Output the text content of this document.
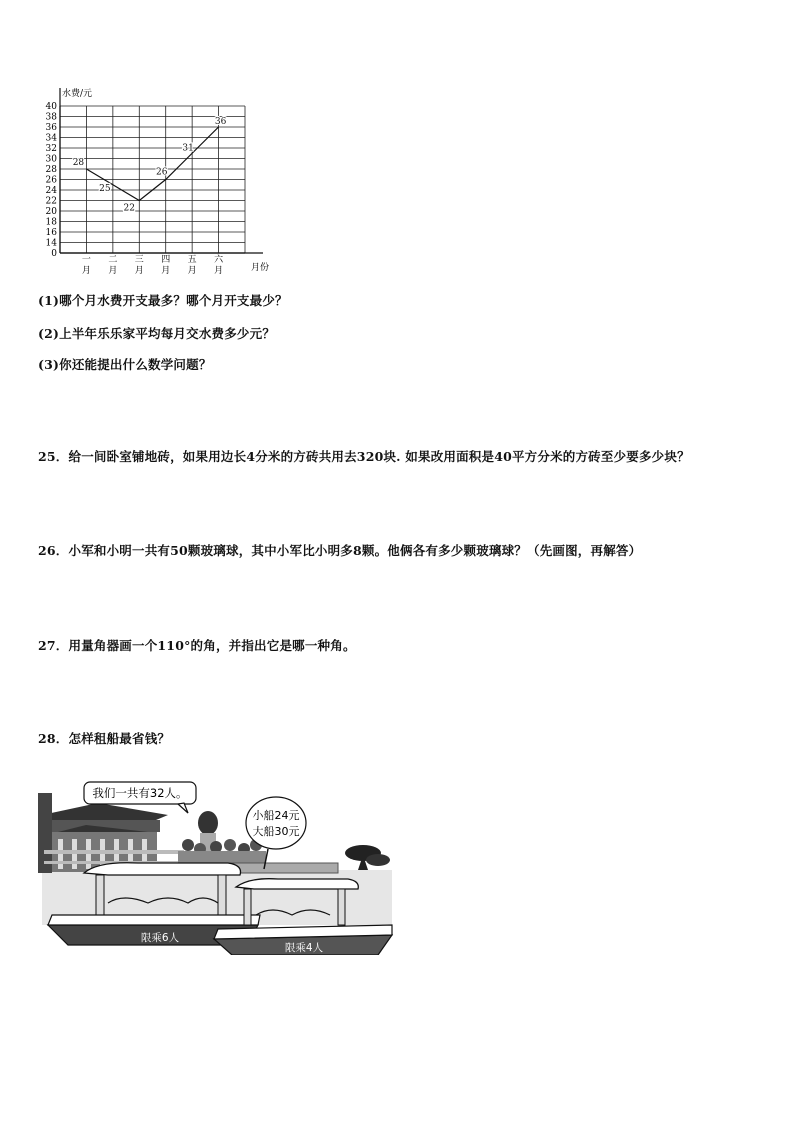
0
14
16
18
20
22
24
26
28
30
32
34
36
38
40
水费/元
月份
28
25
22
26
31
36
一
月
二
月
三
月
四
月
五
月
六
月
(1)哪个月水费开支最多？哪个月开支最少？
(2)上半年乐乐家平均每月交水费多少元？
(3)你还能提出什么数学问题？
25．给一间卧室铺地砖，如果用边长4分米的方砖共用去320块. 如果改用面积是40平方分米的方砖至少要多少块？
26．小军和小明一共有50颗玻璃球，其中小军比小明多8颗。他俩各有多少颗玻璃球？（先画图，再解答）
27．用量角器画一个110°的角，并指出它是哪一种角。
28．怎样租船最省钱？
我们一共有32人。
小船24元
大船30元
限乘6人
限乘4人
